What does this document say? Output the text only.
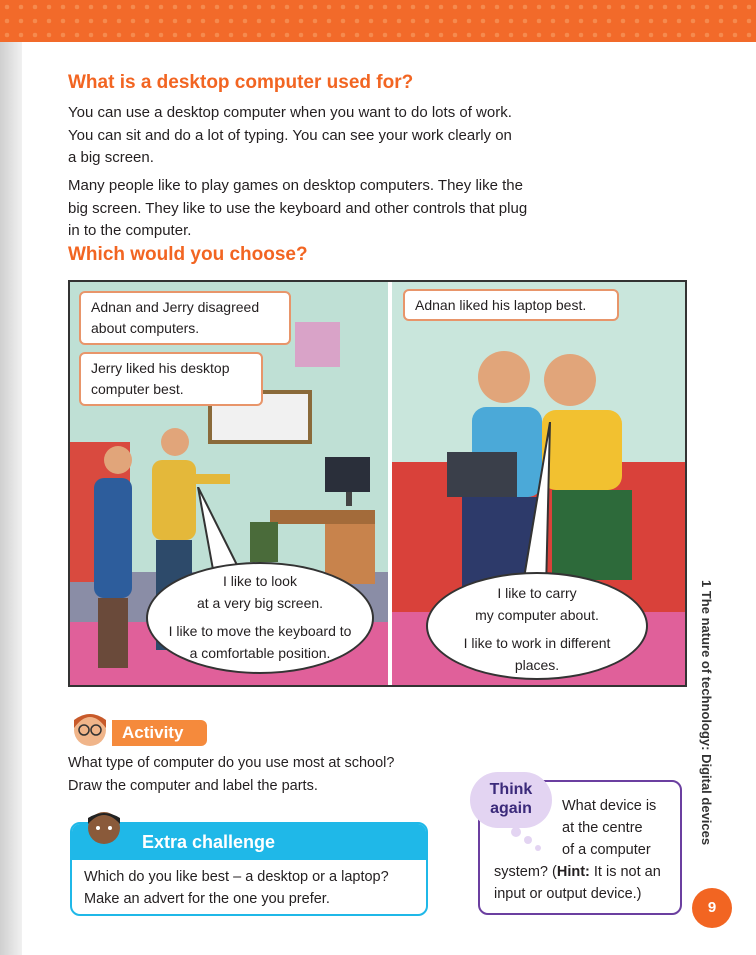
What is a desktop computer used for?
You can use a desktop computer when you want to do lots of work.
You can sit and do a lot of typing. You can see your work clearly on
a big screen.
Many people like to play games on desktop computers. They like the
big screen. They like to use the keyboard and other controls that plug
in to the computer.
Which would you choose?
Adnan and Jerry disagreed
about computers.
Jerry liked his desktop
computer best.

I like to look

at a very big screen.

I like to move the keyboard to

a comfortable position.

Adnan liked his laptop best.

I like to carry

my computer about.

I like to work in different

places.

Activity
What type of computer do you use most at school?
Draw the computer and label the parts.
Extra challenge
Which do you like best – a desktop or a laptop?
Make an advert for the one you prefer.
Think
again	What device is
at the centre
of a computer
system? (Hint: It is not an
input or output device.)
1 The nature of technology: Digital devices
9
